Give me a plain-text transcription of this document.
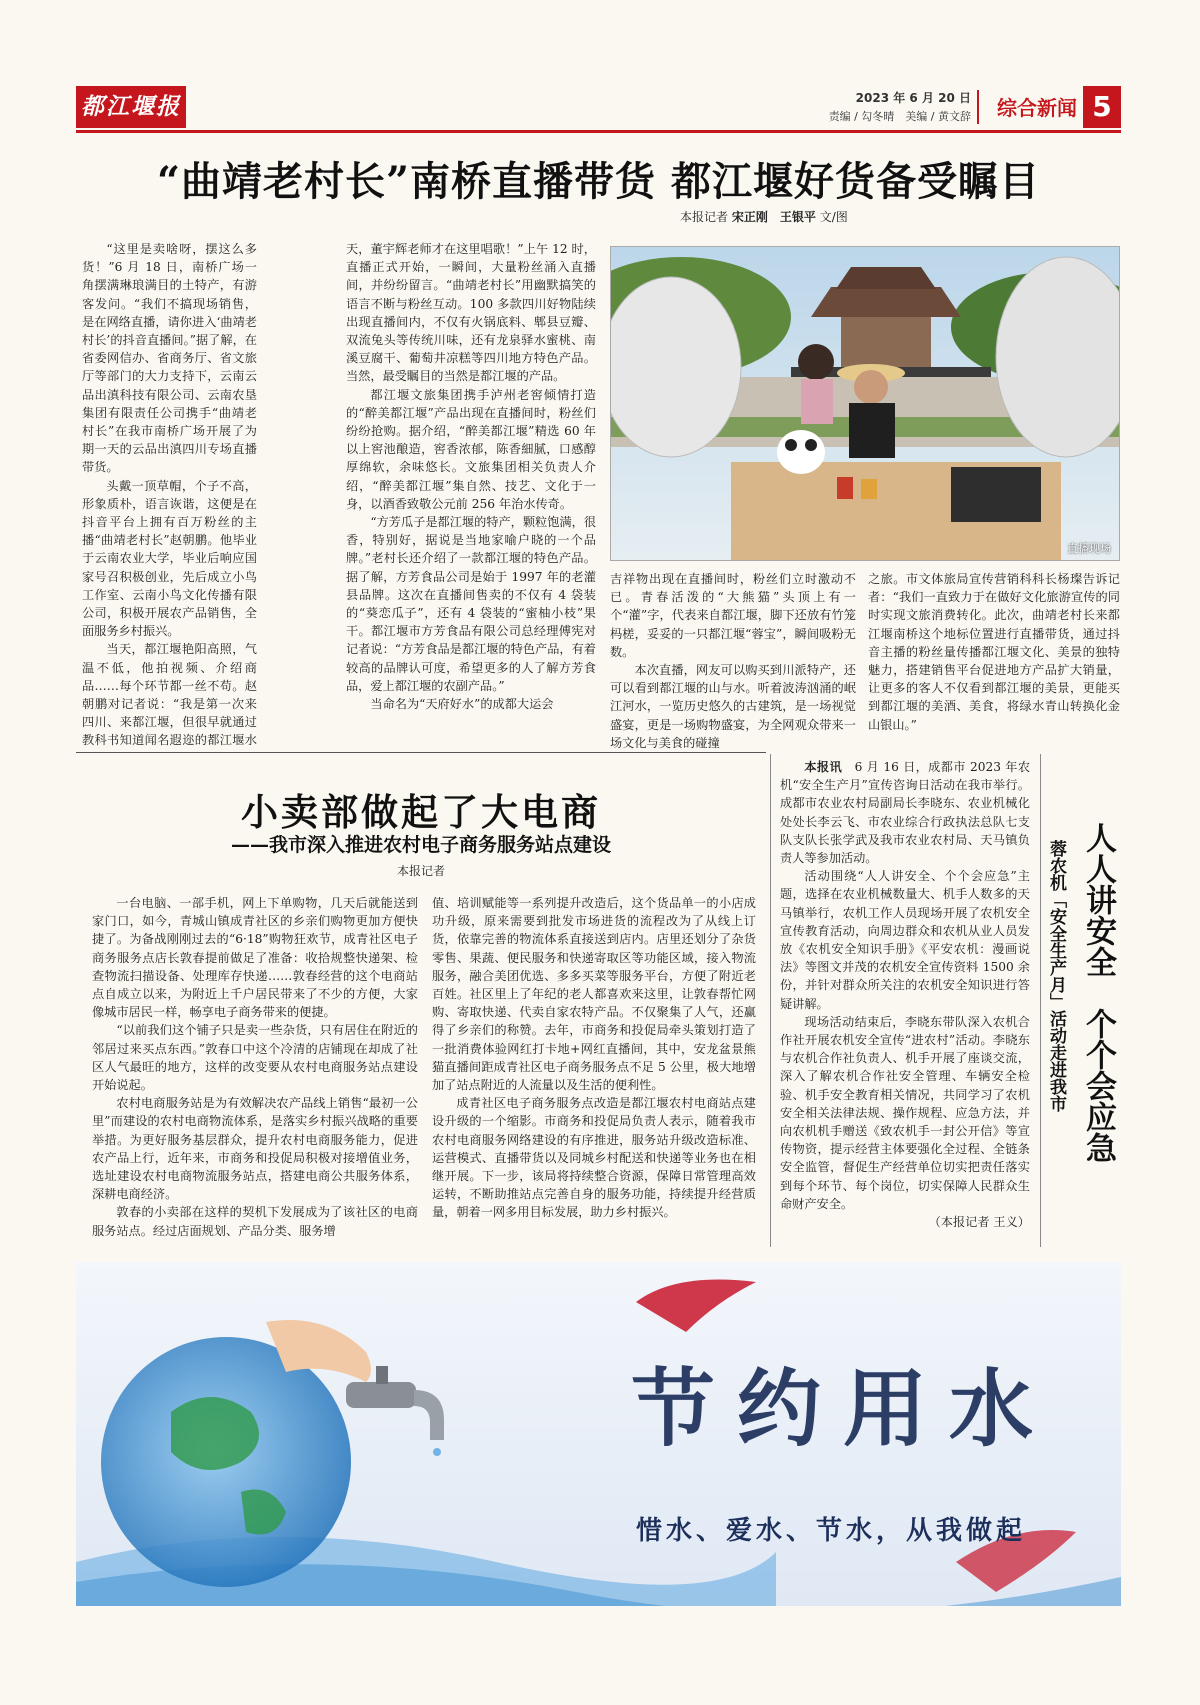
都江堰报	2023 年 6 月 20 日
责编 / 勾冬晴　美编 / 黄文辞 综合新闻 5
“曲靖老村长”南桥直播带货 都江堰好货备受瞩目
本报记者 宋正刚　王银平 文/图

“这里是卖啥呀，摆这么多货！”6 月 18 日，南桥广场一角摆满琳琅满目的土特产，有游客发问。“我们不搞现场销售，是在网络直播，请你进入‘曲靖老村长’的抖音直播间。”据了解，在省委网信办、省商务厅、省文旅厅等部门的大力支持下，云南云品出滇科技有限公司、云南农垦集团有限责任公司携手“曲靖老村长”在我市南桥广场开展了为期一天的云品出滇四川专场直播带货。

头戴一顶草帽，个子不高，形象质朴，语言诙谐，这便是在抖音平台上拥有百万粉丝的主播“曲靖老村长”赵朝鹏。他毕业于云南农业大学，毕业后响应国家号召积极创业，先后成立小鸟工作室、云南小鸟文化传播有限公司，积极开展农产品销售，全面服务乡村振兴。

当天，都江堰艳阳高照，气温不低，他拍视频、介绍商品……每个环节都一丝不苟。赵朝鹏对记者说：“我是第一次来四川、来都江堰，但很早就通过教科书知道闻名遐迩的都江堰水

天，董宇辉老师才在这里唱歌！”上午 12 时，直播正式开始，一瞬间，大量粉丝涌入直播间，并纷纷留言。“曲靖老村长”用幽默搞笑的语言不断与粉丝互动。100 多款四川好物陆续出现直播间内，不仅有火锅底料、郫县豆瓣、双流兔头等传统川味，还有龙泉驿水蜜桃、南溪豆腐干、葡萄井凉糕等四川地方特色产品。当然，最受瞩目的当然是都江堰的产品。

都江堰文旅集团携手泸州老窖倾情打造的“醉美都江堰”产品出现在直播间时，粉丝们纷纷抢购。据介绍，“醉美都江堰”精选 60 年以上窖池酿造，窖香浓郁，陈香細腻，口感醇厚绵软，余味悠长。文旅集团相关负责人介绍，“醉美都江堰”集自然、技艺、文化于一身，以酒香致敬公元前 256 年治水传奇。

“方芳瓜子是都江堰的特产，颗粒饱满，很香，特别好，据说是当地家喻户晓的一个品牌。”老村长还介绍了一款都江堰的特色产品。据了解，方芳食品公司是始于 1997 年的老灌县品牌。这次在直播间售卖的不仅有 4 袋装的“葵恋瓜子”，还有 4 袋装的“蜜柚小枝”果干。都江堰市方芳食品有限公司总经理傅宪对记者说：“方芳食品是都江堰的特色产品，有着较高的品牌认可度，希望更多的人了解方芳食品，爱上都江堰的农副产品。”

当命名为“天府好水”的成都大运会

直播现场

吉祥物出现在直播间时，粉丝们立时激动不已。青春活泼的“大熊猫”头顶上有一个“灌”字，代表来自都江堰，脚下还放有竹笼杩槎，妥妥的一只都江堰“蓉宝”，瞬间吸粉无数。

本次直播，网友可以购买到川派特产，还可以看到都江堰的山与水。听着波涛汹涌的岷江河水，一览历史悠久的古建筑，是一场视觉盛宴，更是一场购物盛宴，为全网观众带来一场文化与美食的碰撞

之旅。市文体旅局宣传营销科科长杨璨告诉记者：“我们一直致力于在做好文化旅游宣传的同时实现文旅消费转化。此次，曲靖老村长来都江堰南桥这个地标位置进行直播带货，通过抖音主播的粉丝量传播都江堰文化、美景的独特魅力，搭建销售平台促进地方产品扩大销量，让更多的客人不仅看到都江堰的美景，更能买到都江堰的美酒、美食，将绿水青山转换化金山银山。”

小卖部做起了大电商
——我市深入推进农村电子商务服务站点建设
本报记者

一台电脑、一部手机，网上下单购物，几天后就能送到家门口，如今，青城山镇成青社区的乡亲们购物更加方便快捷了。为备战刚刚过去的“6·18”购物狂欢节，成青社区电子商务服务点店长敦春提前做足了准备：收拾规整快递架、检查物流扫描设备、处理库存快递……敦春经营的这个电商站点自成立以来，为附近上千户居民带来了不少的方便，大家像城市居民一样，畅享电子商务带来的便捷。

“以前我们这个铺子只是卖一些杂货，只有居住在附近的邻居过来买点东西。”敦春口中这个冷清的店铺现在却成了社区人气最旺的地方，这样的改变要从农村电商服务站点建设开始说起。

农村电商服务站是为有效解决农产品线上销售“最初一公里”而建设的农村电商物流体系，是落实乡村振兴战略的重要举措。为更好服务基层群众，提升农村电商服务能力，促进农产品上行，近年来，市商务和投促局积极对接增值业务，选址建设农村电商物流服务站点，搭建电商公共服务体系，深耕电商经济。

敦春的小卖部在这样的契机下发展成为了该社区的电商服务站点。经过店面规划、产品分类、服务增

值、培训赋能等一系列提升改造后，这个货品单一的小店成功升级，原来需要到批发市场进货的流程改为了从线上订货，依靠完善的物流体系直接送到店内。店里还划分了杂货零售、果蔬、便民服务和快递寄取区等功能区域，接入物流服务，融合美团优选、多多买菜等服务平台，方便了附近老百姓。社区里上了年纪的老人都喜欢来这里，让敦春帮忙网购、寄取快递、代卖自家农特产品。不仅聚集了人气，还赢得了乡亲们的称赞。去年，市商务和投促局牵头策划打造了一批消费体验网红打卡地+网红直播间，其中，安龙盆景熊猫直播间距成青社区电子商务服务点不足 5 公里，极大地增加了站点附近的人流量以及生活的便利性。

成青社区电子商务服务点改造是都江堰农村电商站点建设升级的一个缩影。市商务和投促局负责人表示，随着我市农村电商服务网络建设的有序推进，服务站升级改造标准、运营模式、直播带货以及同城乡村配送和快递等业务也在相继开展。下一步，该局将持续整合资源，保障日常管理高效运转，不断助推站点完善自身的服务功能，持续提升经营质量，朝着一网多用目标发展，助力乡村振兴。

本报讯　 6 月 16 日，成都市 2023 年农机“安全生产月”宣传咨询日活动在我市举行。成都市农业农村局副局长李晓东、农业机械化处处长李云飞、市农业综合行政执法总队七支队支队长张学武及我市农业农村局、天马镇负责人等参加活动。

活动围绕“人人讲安全、个个会应急”主题，选择在农业机械数量大、机手人数多的天马镇举行，农机工作人员现场开展了农机安全宣传教育活动，向周边群众和农机从业人员发放《农机安全知识手册》《平安农机：漫画说法》等图文并茂的农机安全宣传资料 1500 余份，并针对群众所关注的农机安全知识进行答疑讲解。

现场活动结束后，李晓东带队深入农机合作社开展农机安全宣传“进农村”活动。李晓东与农机合作社负责人、机手开展了座谈交流，深入了解农机合作社安全管理、车辆安全检验、机手安全教育相关情况，共同学习了农机安全相关法律法规、操作规程、应急方法，并向农机机手赠送《致农机手一封公开信》等宣传物资，提示经营主体要强化全过程、全链条安全监管，督促生产经营单位切实把责任落实到每个环节、每个岗位，切实保障人民群众生命财产安全。

（本报记者 王义）

人人讲安全　个个会应急
蓉农机「安全生产月」活动走进我市
节约用水
惜水、爱水、节水，从我做起
